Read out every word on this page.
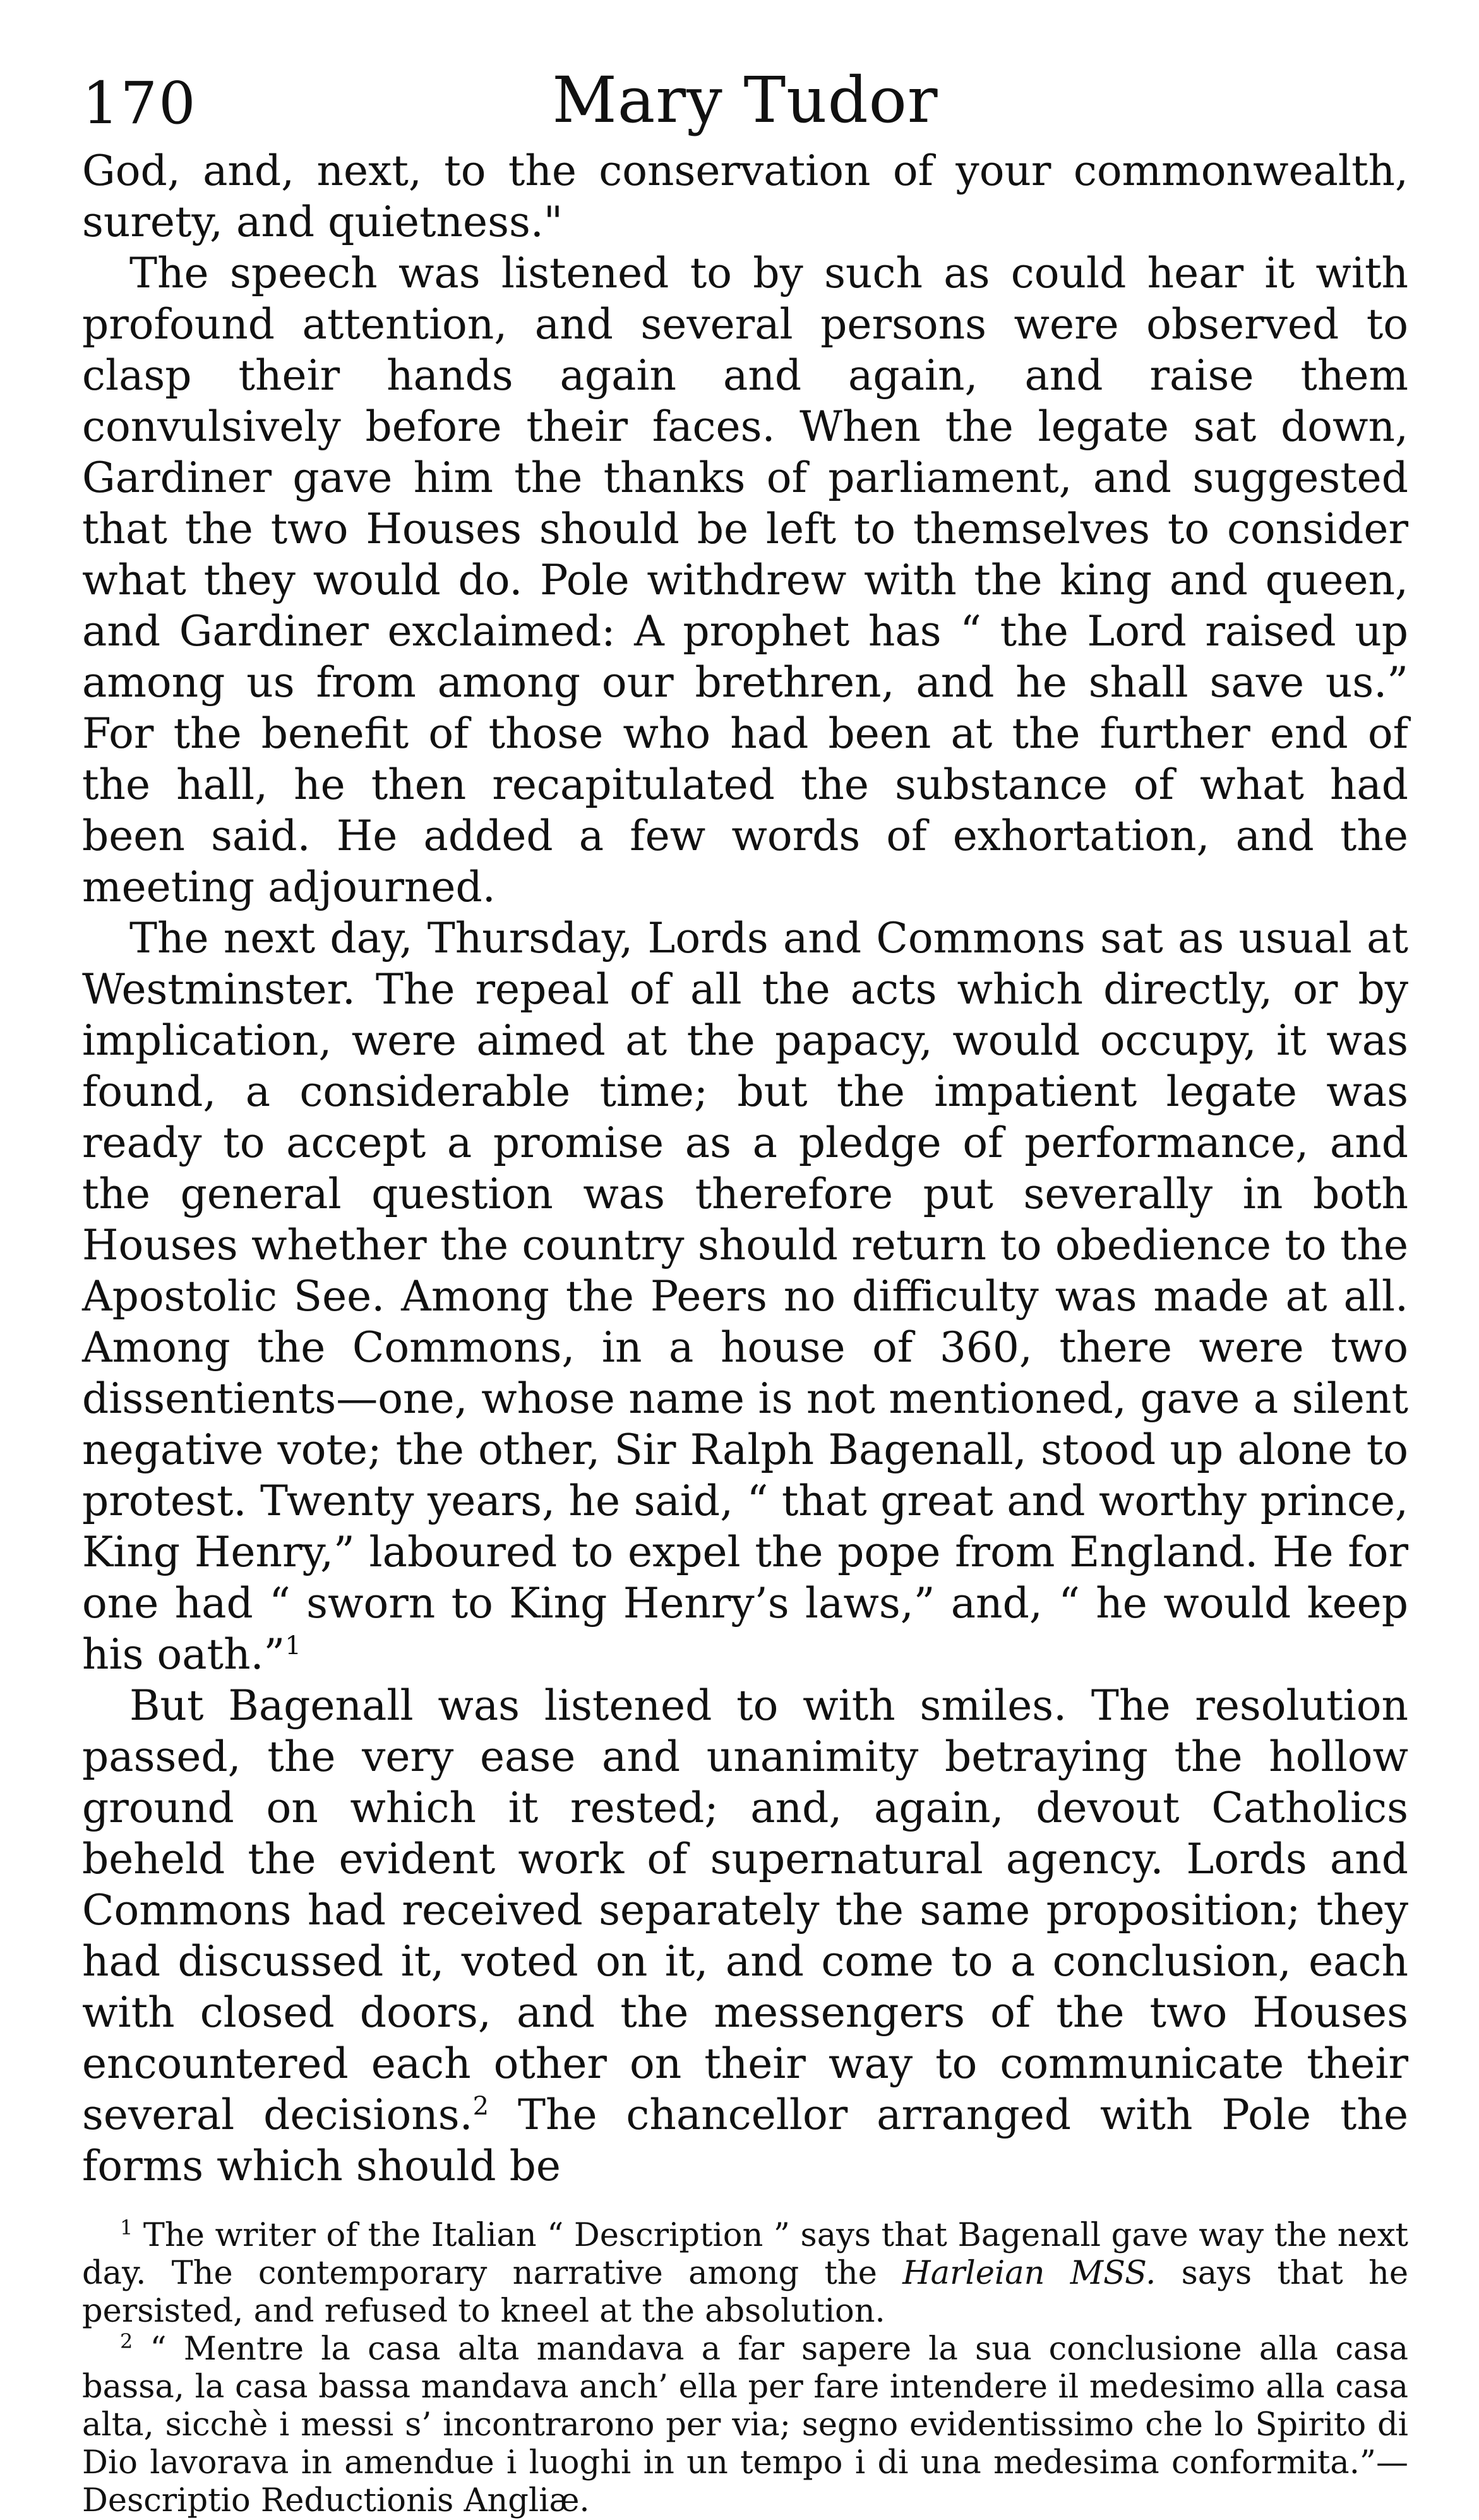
170	Mary Tudor

God, and, next, to the conservation of your commonwealth, surety, and quietness."

The speech was listened to by such as could hear it with profound attention, and several persons were observed to clasp their hands again and again, and raise them convulsively before their faces. When the legate sat down, Gardiner gave him the thanks of parliament, and suggested that the two Houses should be left to themselves to consider what they would do. Pole withdrew with the king and queen, and Gardiner exclaimed: A prophet has “ the Lord raised up among us from among our brethren, and he shall save us.” For the benefit of those who had been at the further end of the hall, he then recapitulated the substance of what had been said. He added a few words of exhortation, and the meeting adjourned.

The next day, Thursday, Lords and Commons sat as usual at Westminster. The repeal of all the acts which directly, or by implication, were aimed at the papacy, would occupy, it was found, a considerable time; but the impatient legate was ready to accept a promise as a pledge of performance, and the general question was therefore put severally in both Houses whether the country should return to obedience to the Apostolic See. Among the Peers no difficulty was made at all. Among the Commons, in a house of 360, there were two dissentients—one, whose name is not mentioned, gave a silent negative vote; the other, Sir Ralph Bagenall, stood up alone to protest. Twenty years, he said, “ that great and worthy prince, King Henry,” laboured to expel the pope from England. He for one had “ sworn to King Henry’s laws,” and, “ he would keep his oath.”$^1$

But Bagenall was listened to with smiles. The resolution passed, the very ease and unanimity betraying the hollow ground on which it rested; and, again, devout Catholics beheld the evident work of supernatural agency. Lords and Commons had received separately the same proposition; they had discussed it, voted on it, and come to a conclusion, each with closed doors, and the messengers of the two Houses encountered each other on their way to communicate their several decisions.$^2$ The chancellor arranged with Pole the forms which should be

$^1$ The writer of the Italian “ Description ” says that Bagenall gave way the next day. The contemporary narrative among the Harleian MSS. says that he persisted, and refused to kneel at the absolution.

$^2$ “ Mentre la casa alta mandava a far sapere la sua conclusione alla casa bassa, la casa bassa mandava anch’ ella per fare intendere il medesimo alla casa alta, sicchè i messi s’ incontrarono per via; segno evidentissimo che lo Spirito di Dio lavorava in amendue i luoghi in un tempo i di una medesima conformita.”—Descriptio Reductionis Angliæ.
